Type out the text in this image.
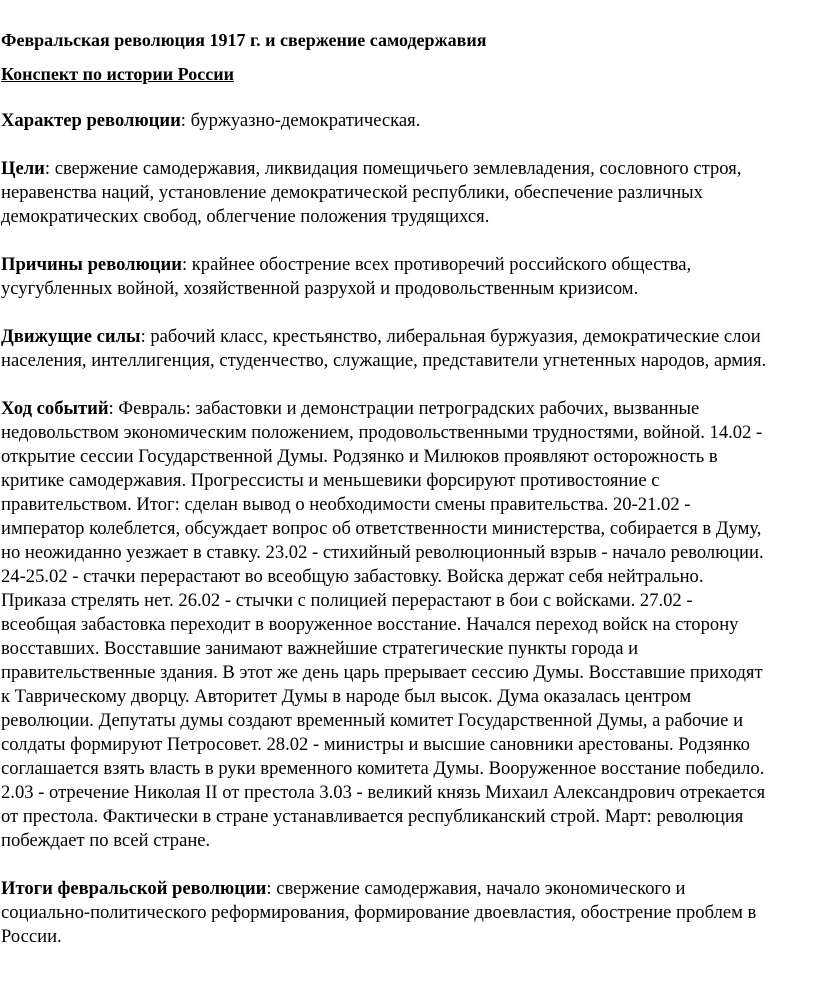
Февральская революция 1917 г. и свержение самодержавия

Конспект по истории России

Характер революции: буржуазно-демократическая.

Цели: свержение самодержавия, ликвидация помещичьего землевладения, сословного строя,
неравенства наций, установление демократической республики, обеспечение различных
демократических свобод, облегчение положения трудящихся.

Причины революции: крайнее обострение всех противоречий российского общества,
усугубленных войной, хозяйственной разрухой и продовольственным кризисом.

Движущие силы: рабочий класс, крестьянство, либеральная буржуазия, демократические слои
населения, интеллигенция, студенчество, служащие, представители угнетенных народов, армия.

Ход событий: Февраль: забастовки и демонстрации петроградских рабочих, вызванные
недовольством экономическим положением, продовольственными трудностями, войной. 14.02 -
открытие сессии Государственной Думы. Родзянко и Милюков проявляют осторожность в
критике самодержавия. Прогрессисты и меньшевики форсируют противостояние с
правительством. Итог: сделан вывод о необходимости смены правительства. 20-21.02 -
император колеблется, обсуждает вопрос об ответственности министерства, собирается в Думу,
но неожиданно уезжает в ставку. 23.02 - стихийный революционный взрыв - начало революции.
24-25.02 - стачки перерастают во всеобщую забастовку. Войска держат себя нейтрально.
Приказа стрелять нет. 26.02 - стычки с полицией перерастают в бои с войсками. 27.02 -
всеобщая забастовка переходит в вооруженное восстание. Начался переход войск на сторону
восставших. Восставшие занимают важнейшие стратегические пункты города и
правительственные здания. В этот же день царь прерывает сессию Думы. Восставшие приходят
к Таврическому дворцу. Авторитет Думы в народе был высок. Дума оказалась центром
революции. Депутаты думы создают временный комитет Государственной Думы, а рабочие и
солдаты формируют Петросовет. 28.02 - министры и высшие сановники арестованы. Родзянко
соглашается взять власть в руки временного комитета Думы. Вооруженное восстание победило.
2.03 - отречение Николая II от престола 3.03 - великий князь Михаил Александрович отрекается
от престола. Фактически в стране устанавливается республиканский строй. Март: революция
побеждает по всей стране.

Итоги февральской революции: свержение самодержавия, начало экономического и
социально-политического реформирования, формирование двоевластия, обострение проблем в
России.
